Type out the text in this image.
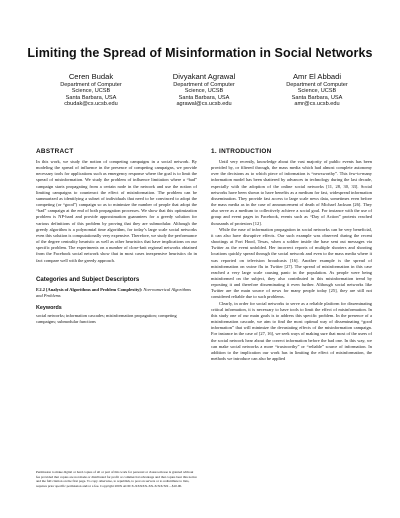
Limiting the Spread of Misinformation in Social Networks
Ceren Budak
Department of Computer
Science, UCSB
Santa Barbara, USA
cbudak@cs.ucsb.edu
Divyakant Agrawal
Department of Computer
Science, UCSB
Santa Barbara, USA
agrawal@cs.ucsb.edu
Amr El Abbadi
Department of Computer
Science, UCSB
Santa Barbara, USA
amr@cs.ucsb.edu
ABSTRACT

In this work, we study the notion of competing campaigns in a social network. By modeling the spread of influence in the presence of competing campaigns, we provide necessary tools for applications such as emergency response where the goal is to limit the spread of misinformation. We study the problem of influence limitation where a “bad” campaign starts propagating from a certain node in the network and use the notion of limiting campaigns to counteract the effect of misinformation. The problem can be summarized as identifying a subset of individuals that need to be convinced to adopt the competing (or “good”) campaign so as to minimize the number of people that adopt the “bad” campaign at the end of both propagation processes. We show that this optimization problem is NP-hard and provide approximation guarantees for a greedy solution for various definitions of this problem by proving that they are submodular. Although the greedy algorithm is a polynomial time algorithm, for today’s large scale social networks even this solution is computationally very expensive. Therefore, we study the performance of the degree centrality heuristic as well as other heuristics that have implications on our specific problem. The experiments on a number of close-knit regional networks obtained from the Facebook social network show that in most cases inexpensive heuristics do in fact compare well with the greedy approach.

Categories and Subject Descriptors

F.2.2 [Analysis of Algorithms and Problem Complexity]: Non-numerical Algorithms and Problems

Keywords

social networks; information cascades; misinformation propagation; competing campaigns; submodular functions

1. INTRODUCTION

Until very recently, knowledge about the vast majority of public events has been provided by, or filtered through, the mass media which had almost complete autonomy over the decisions as to which piece of information is “newsworthy”. This few-to-many information model has been shattered by advances in technology during the last decade, especially with the adoption of the online social networks [11, 28, 30, 33]. Social networks have been shown to have benefits as a medium for fast, widespread information dissemination. They provide fast access to large scale news data, sometimes even before the mass media as in the case of announcement of death of Michael Jackson [26]. They also serve as a medium to collectively achieve a social goal. For instance with the use of group and event pages in Facebook, events such as “Day of Action” protests reached thousands of protestors [12].

While the ease of information propagation in social networks can be very beneficial, it can also have disruptive effects. Our such example was observed during the recent shootings at Fort Hood, Texas, when a soldier inside the base sent out messages via Twitter as the event unfolded. Her incorrect reports of multiple shooters and shooting locations quickly spread through the social network and even to the mass media where it was reported on television broadcasts [16]. Another example is the spread of misinformation on swine flu in Twitter [27]. The spread of misinformation in this case reached a very large scale causing panic in the population. As people were being misinformed on the subject, they also contributed in this misinformation trend by reposting it and therefore disseminating it even further. Although social networks like Twitter are the main source of news for many people today [25], they are still not considered reliable due to such problems.

Clearly, in order for social networks to serve as a reliable platform for disseminating critical information, it is necessary to have tools to limit the effect of misinformation. In this study one of our main goals is to address this specific problem. In the presence of a misinformation cascade, we aim to find the most optimal way of disseminating “good information” that will minimize the devastating effects of the misinformation campaign. For instance in the case of [27, 16], we seek ways of making sure that most of the users of the social network hear about the correct information before the bad one. In this way, we can make social networks a more “trustworthy” or “reliable” source of information. In addition to the implication our work has in limiting the effect of misinformation, the methods we introduce can also be applied

Permission to make digital or hard copies of all or part of this work for personal or classroom use is granted without fee provided that copies are not made or distributed for profit or commercial advantage and that copies bear this notice and the full citation on the first page. To copy otherwise, to republish, to post on servers or to redistribute to lists, requires prior specific permission and/or a fee. Copyright 200X ACM X-XXXXX-XX-X/XX/XX ...$10.00.
